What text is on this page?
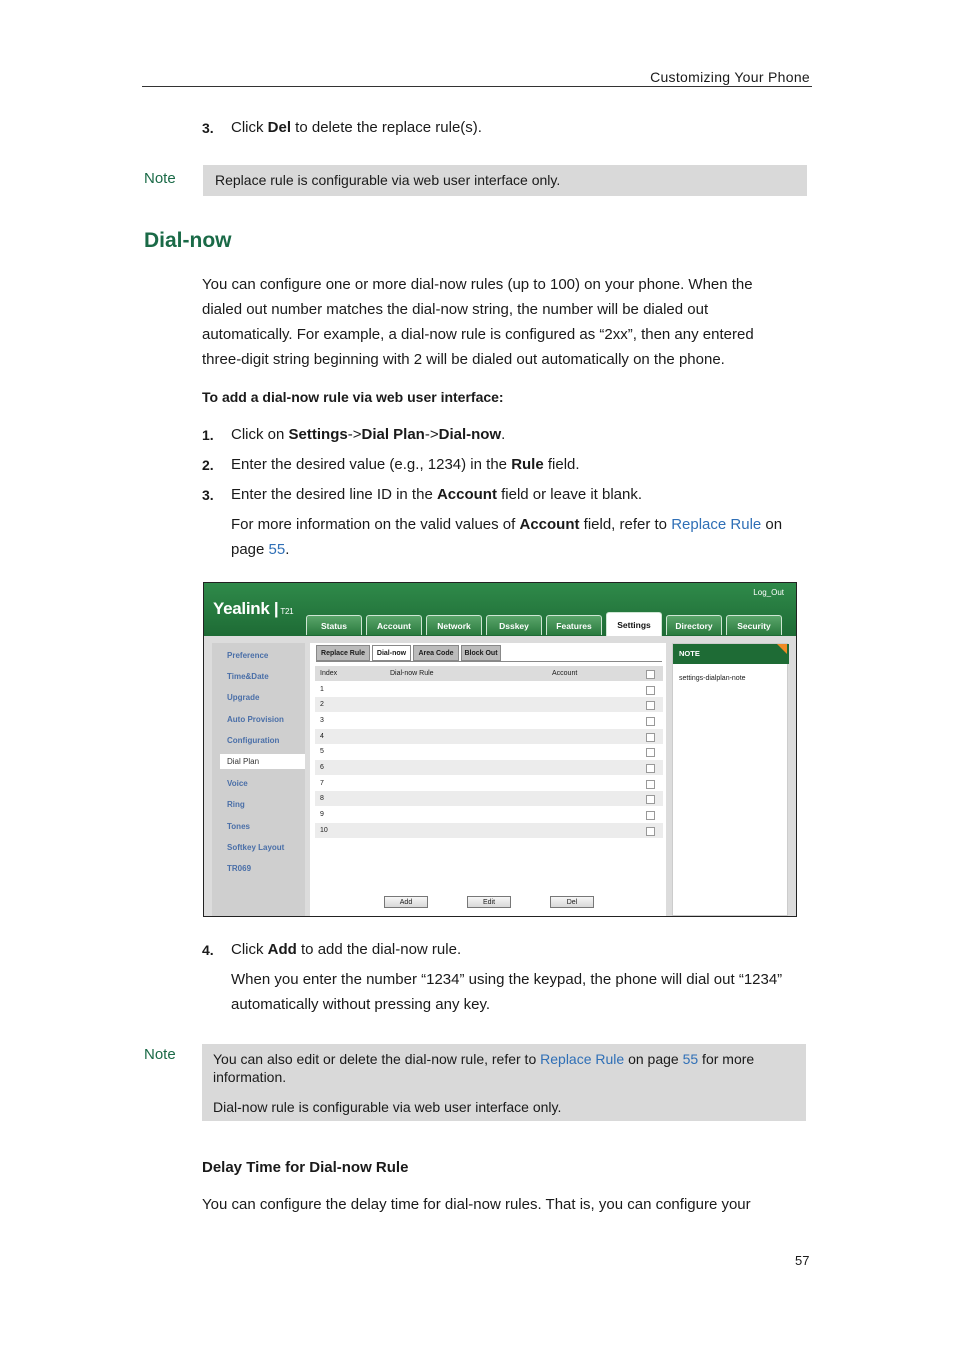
Customizing Your Phone
3. Click Del to delete the replace rule(s).
Note	Replace rule is configurable via web user interface only.
Dial-now
You can configure one or more dial-now rules (up to 100) on your phone. When the
dialed out number matches the dial-now string, the number will be dialed out
automatically. For example, a dial-now rule is configured as “2xx”, then any entered
three-digit string beginning with 2 will be dialed out automatically on the phone.
To add a dial-now rule via web user interface:
1. Click on Settings->Dial Plan->Dial-now.
2. Enter the desired value (e.g., 1234) in the Rule field.
3. Enter the desired line ID in the Account field or leave it blank.
For more information on the valid values of Account field, refer to Replace Rule on
page 55.
Yealink | T21
Log_Out
Status	Account	Network	Dsskey	Features	Settings	Directory	Security
Preference
Time&Date
Upgrade
Auto Provision
Configuration
Dial Plan
Voice
Ring
Tones
Softkey Layout
TR069
Replace Rule	Dial-now	Area Code	Block Out
Index	Dial-now Rule	Account
1
2
3
4
5
6
7
8
9
10
Add	Edit	Del
NOTE
settings-dialplan-note
4. Click Add to add the dial-now rule.
When you enter the number “1234” using the keypad, the phone will dial out “1234”
automatically without pressing any key.
Note	You can also edit or delete the dial-now rule, refer to Replace Rule on page 55 for more
information.
Dial-now rule is configurable via web user interface only.
Delay Time for Dial-now Rule
You can configure the delay time for dial-now rules. That is, you can configure your
57
